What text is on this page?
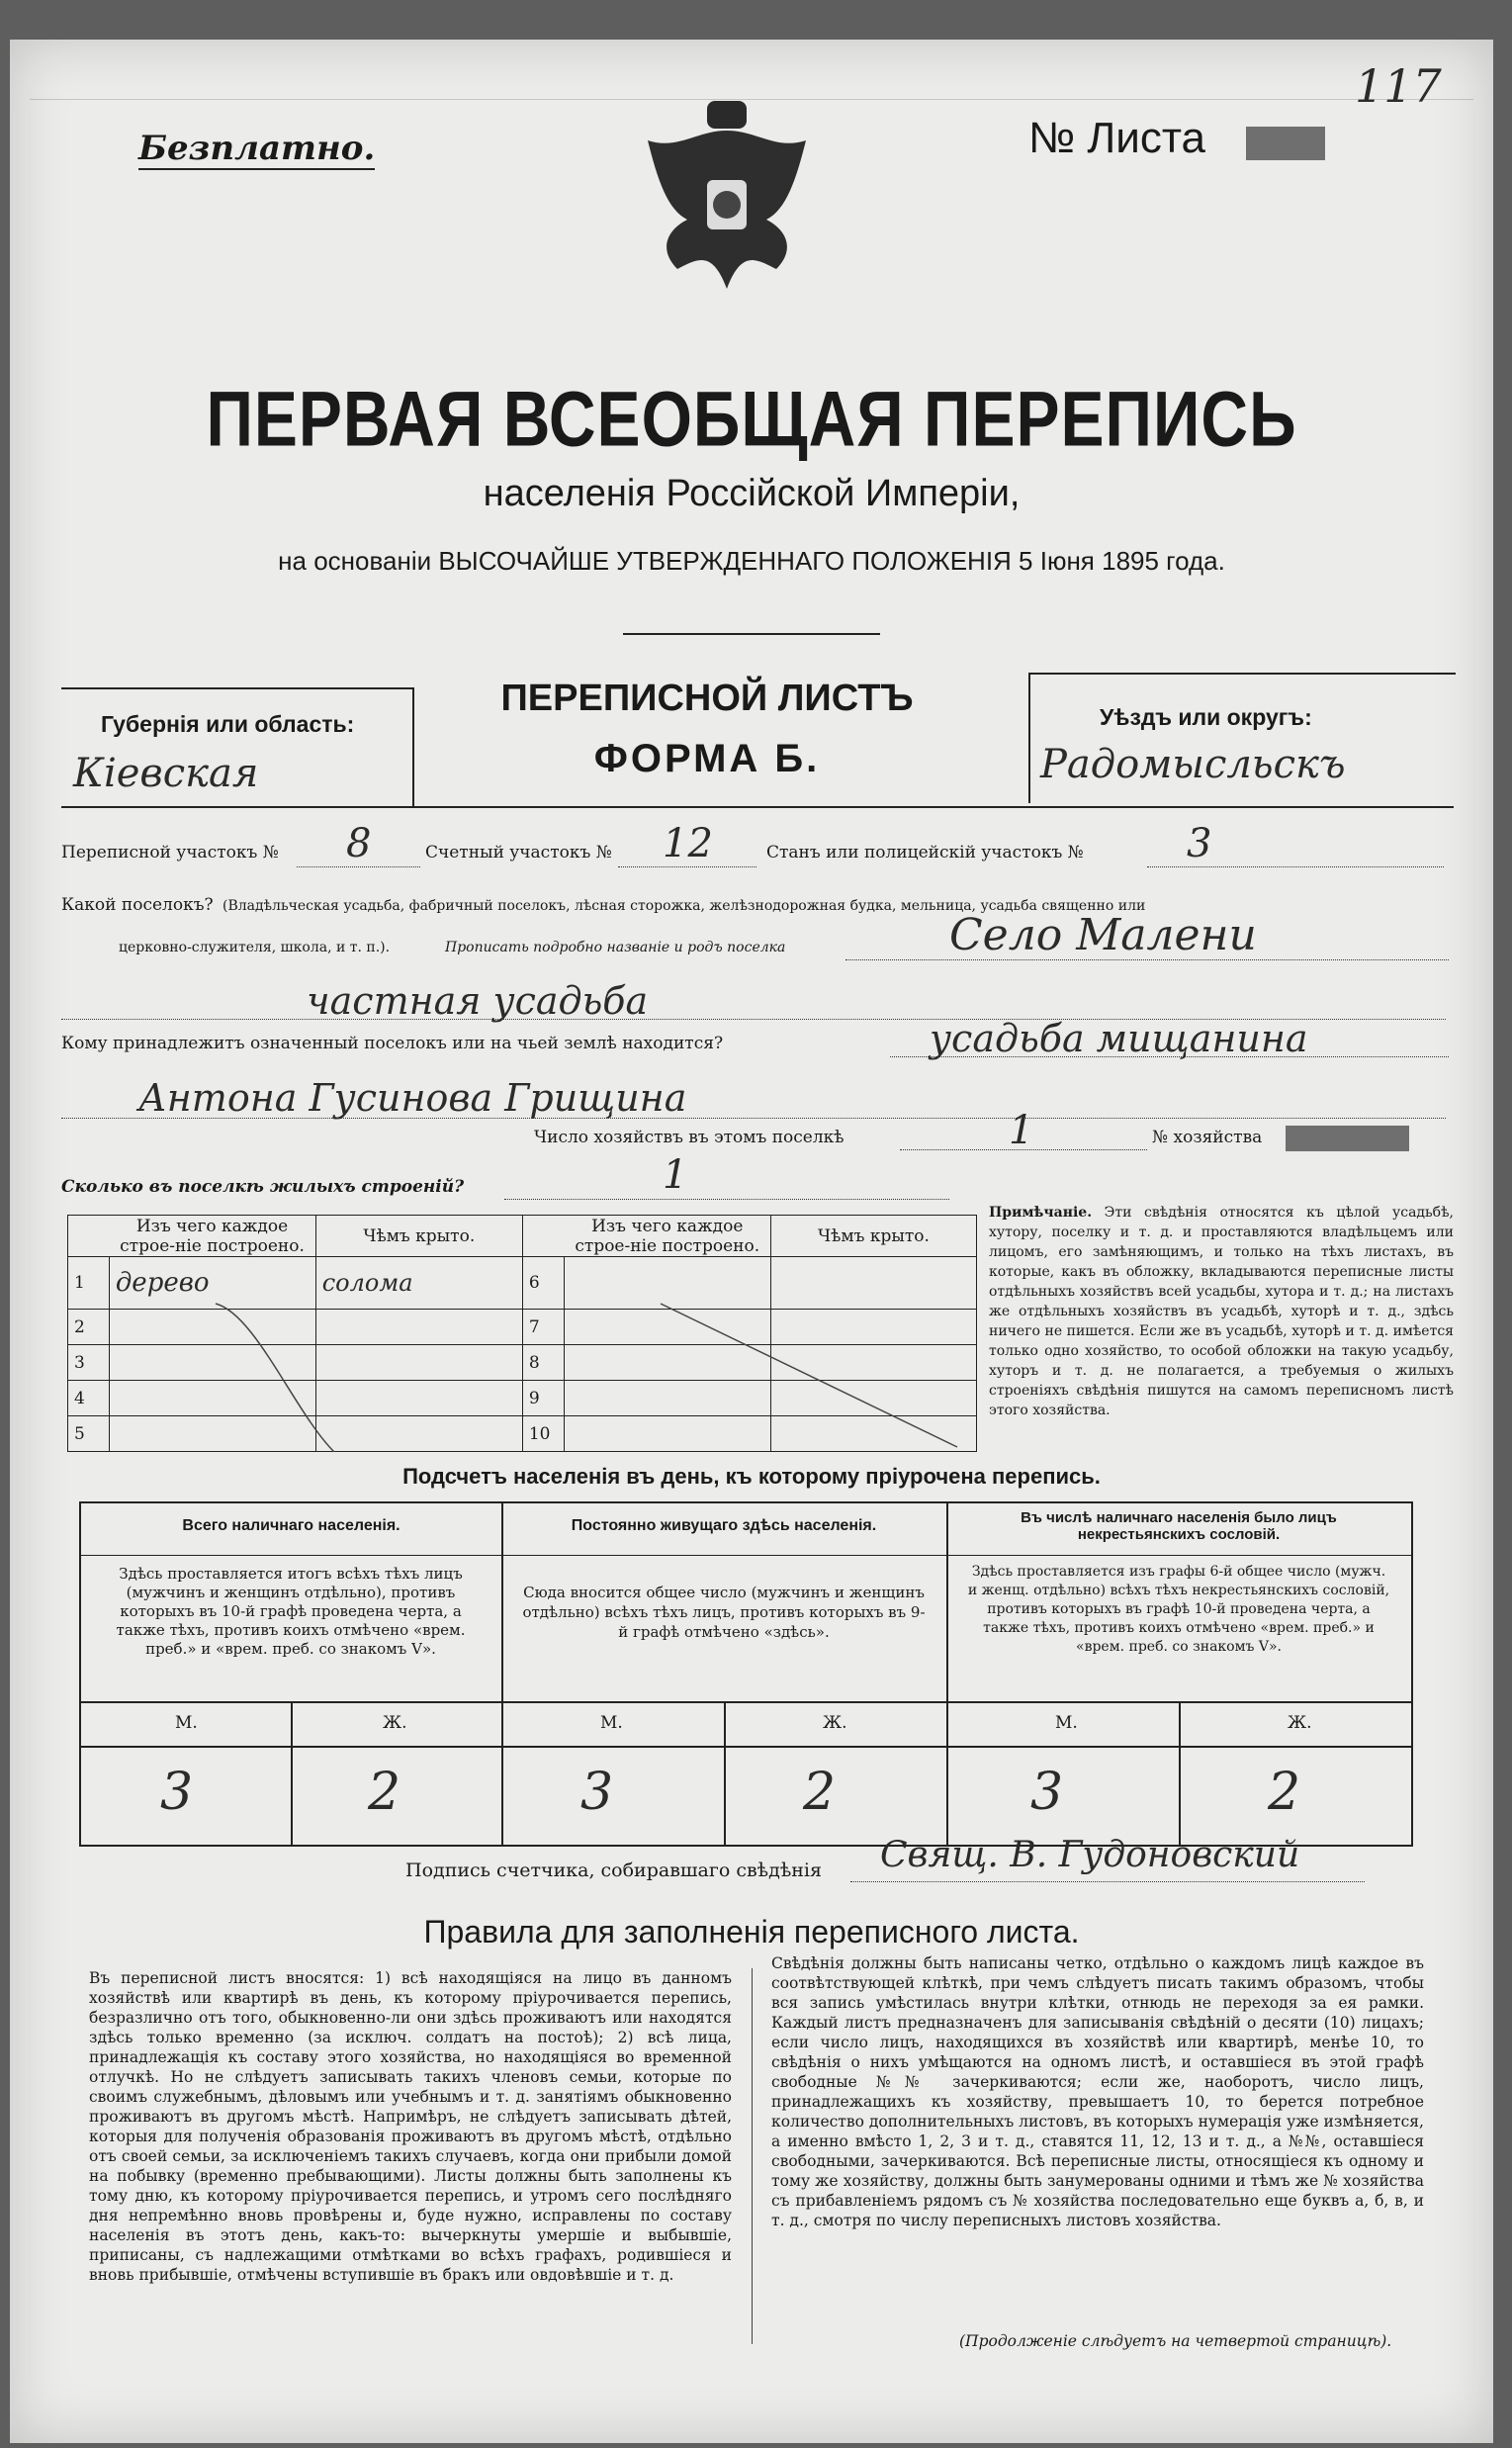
117
Безплатно.	№ Листа
ПЕРВАЯ ВСЕОБЩАЯ ПЕРЕПИСЬ
населенія Россійской Имперіи,
на основаніи ВЫСОЧАЙШЕ УТВЕРЖДЕННАГО ПОЛОЖЕНІЯ 5 Іюня 1895 года.
Губернія или область:
Кіевская
ПЕРЕПИСНОЙ ЛИСТЪ
ФОРМА Б.
Уѣздъ или округъ:
Радомысльскъ
Переписной участокъ № 8	Счетный участокъ № 12	Станъ или полицейскій участокъ №	3
Какой поселокъ? (Владѣльческая усадьба, фабричный поселокъ, лѣсная сторожка, желѣзнодорожная будка, мельница, усадьба священно или
церковно-служителя, школа, и т. п.).	Прописать подробно названіе и родъ поселка	Село Малени
частная усадьба
Кому принадлежитъ означенный поселокъ или на чьей землѣ находится?	усадьба мищанина
Антона Гусинова Грищина
Число хозяйствъ въ этомъ поселкѣ	1	№ хозяйства
Сколько въ поселкѣ жилыхъ строеній?	1
	Изъ чего каждое строе-ніе построено.	Чѣмъ крыто.		Изъ чего каждое строе-ніе построено.	Чѣмъ крыто.
1	дерево	солома	6		
2			7		
3			8		
4			9		
5			10		
Примѣчаніе. Эти свѣдѣнія относятся къ цѣлой усадьбѣ, хутору, поселку и т. д. и проставляются владѣльцемъ или лицомъ, его замѣняющимъ, и только на тѣхъ листахъ, въ которые, какъ въ обложку, вкладываются переписные листы отдѣльныхъ хозяйствъ всей усадьбы, хутора и т. д.; на листахъ же отдѣльныхъ хозяйствъ въ усадьбѣ, хуторѣ и т. д., здѣсь ничего не пишется. Если же въ усадьбѣ, хуторѣ и т. д. имѣется только одно хозяйство, то особой обложки на такую усадьбу, хуторъ и т. д. не полагается, а требуемыя о жилыхъ строеніяхъ свѣдѣнія пишутся на самомъ переписномъ листѣ этого хозяйства.
Подсчетъ населенія въ день, къ которому пріурочена перепись.
Всего наличнаго населенія.
Здѣсь проставляется итогъ всѣхъ тѣхъ лицъ (мужчинъ и женщинъ отдѣльно), противъ которыхъ въ 10-й графѣ проведена черта, а также тѣхъ, противъ коихъ отмѣчено «врем. преб.» и «врем. преб. со знакомъ V».
Постоянно живущаго здѣсь населенія.
Сюда вносится общее число (мужчинъ и женщинъ отдѣльно) всѣхъ тѣхъ лицъ, противъ которыхъ въ 9-й графѣ отмѣчено «здѣсь».
Въ числѣ наличнаго населенія было лицъ некрестьянскихъ сословій.
Здѣсь проставляется изъ графы 6-й общее число (мужч. и женщ. отдѣльно) всѣхъ тѣхъ некрестьянскихъ сословій, противъ которыхъ въ графѣ 10-й проведена черта, а также тѣхъ, противъ коихъ отмѣчено «врем. преб.» и «врем. преб. со знакомъ V».
М.	Ж.	М.	Ж.	М.	Ж.
3	2	3	2	3	2
Подпись счетчика, собиравшаго свѣдѣнія Свящ. В. Гудоновский
Правила для заполненія переписного листа.
Въ переписной листъ вносятся: 1) всѣ находящіяся на лицо въ данномъ хозяйствѣ или квартирѣ въ день, къ которому пріурочивается перепись, безразлично отъ того, обыкновенно-ли они здѣсь проживаютъ или находятся здѣсь только временно (за исключ. солдатъ на постоѣ); 2) всѣ лица, принадлежащія къ составу этого хозяйства, но находящіяся во временной отлучкѣ. Но не слѣдуетъ записывать такихъ членовъ семьи, которые по своимъ служебнымъ, дѣловымъ или учебнымъ и т. д. занятіямъ обыкновенно проживаютъ въ другомъ мѣстѣ. Напримѣръ, не слѣдуетъ записывать дѣтей, которыя для полученія образованія проживаютъ въ другомъ мѣстѣ, отдѣльно отъ своей семьи, за исключеніемъ такихъ случаевъ, когда они прибыли домой на побывку (временно пребывающими). Листы должны быть заполнены къ тому дню, къ которому пріурочивается перепись, и утромъ сего послѣдняго дня непремѣнно вновь провѣрены и, буде нужно, исправлены по составу населенія въ этотъ день, какъ-то: вычеркнуты умершіе и выбывшіе, приписаны, съ надлежащими отмѣтками во всѣхъ графахъ, родившіеся и вновь прибывшіе, отмѣчены вступившіе въ бракъ или овдовѣвшіе и т. д.
Свѣдѣнія должны быть написаны четко, отдѣльно о каждомъ лицѣ каждое въ соотвѣтствующей клѣткѣ, при чемъ слѣдуетъ писать такимъ образомъ, чтобы вся запись умѣстилась внутри клѣтки, отнюдь не переходя за ея рамки. Каждый листъ предназначенъ для записыванія свѣдѣній о десяти (10) лицахъ; если число лицъ, находящихся въ хозяйствѣ или квартирѣ, менѣе 10, то свѣдѣнія о нихъ умѣщаются на одномъ листѣ, и оставшіеся въ этой графѣ свободные №№ зачеркиваются; если же, наоборотъ, число лицъ, принадлежащихъ къ хозяйству, превышаетъ 10, то берется потребное количество дополнительныхъ листовъ, въ которыхъ нумерація уже измѣняется, а именно вмѣсто 1, 2, 3 и т. д., ставятся 11, 12, 13 и т. д., а №№, оставшіеся свободными, зачеркиваются. Всѣ переписные листы, относящіеся къ одному и тому же хозяйству, должны быть занумерованы одними и тѣмъ же № хозяйства съ прибавленіемъ рядомъ съ № хозяйства последовательно еще буквъ а, б, в, и т. д., смотря по числу переписныхъ листовъ хозяйства.
(Продолженіе слѣдуетъ на четвертой страницѣ).
